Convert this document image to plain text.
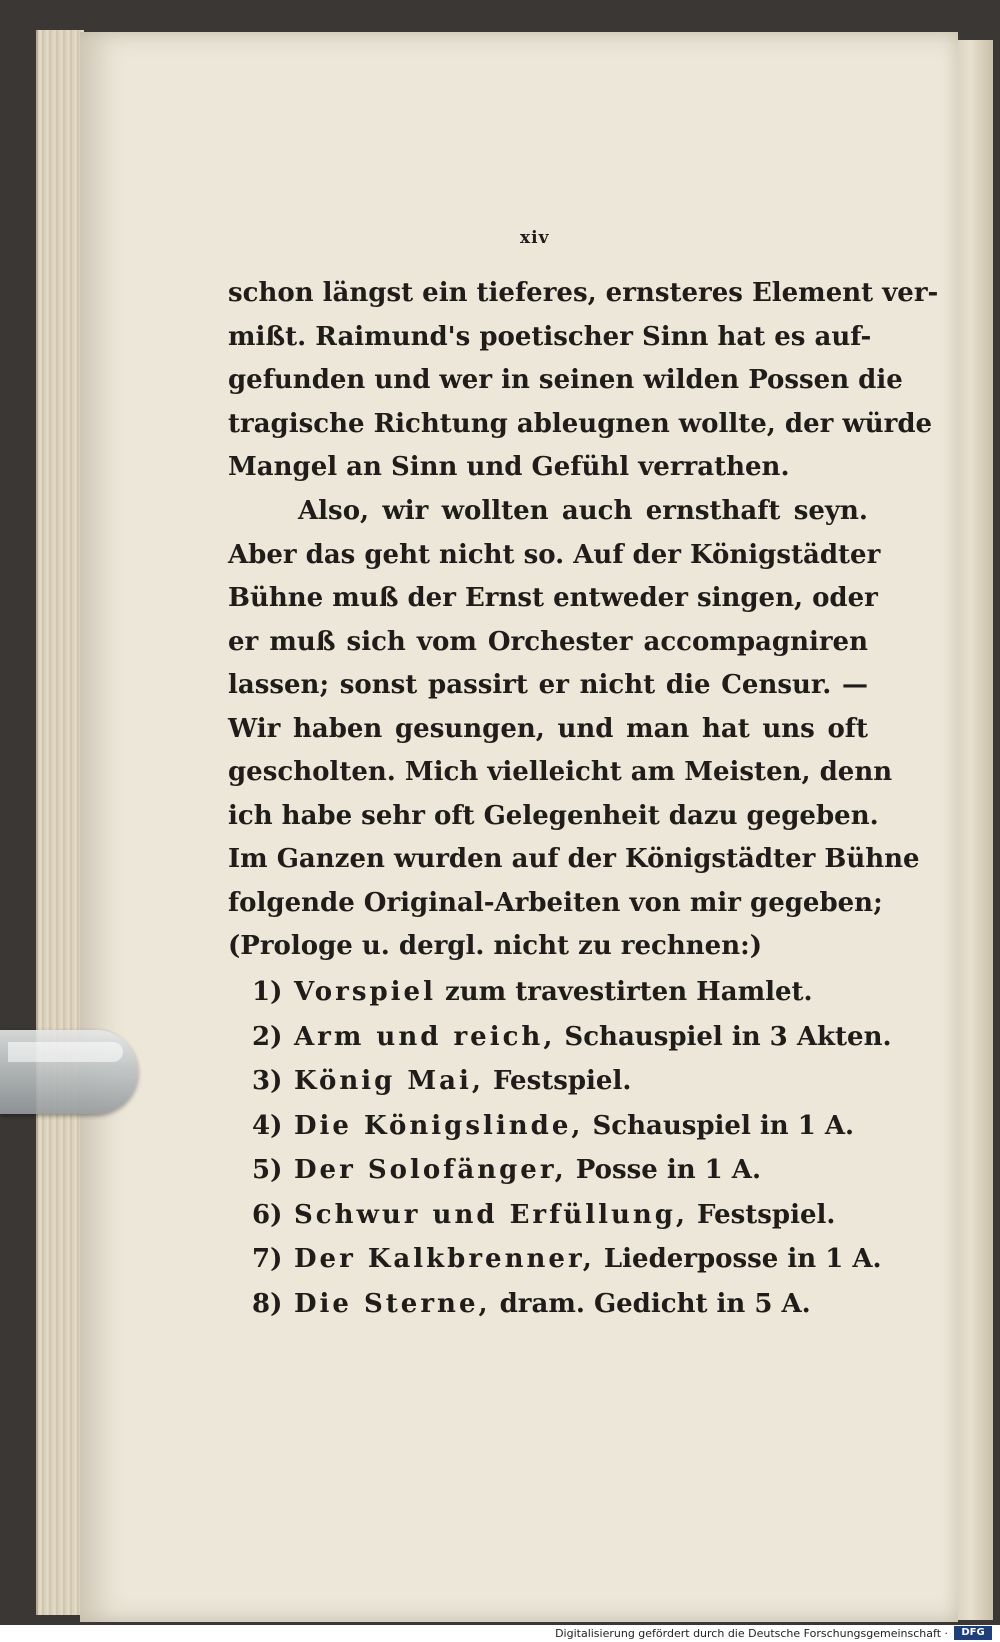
xiv
schon längst ein tieferes, ernsteres Element ver-
mißt. Raimund's poetischer Sinn hat es auf-
gefunden und wer in seinen wilden Possen die
tragische Richtung ableugnen wollte, der würde
Mangel an Sinn und Gefühl verrathen.
Also, wir wollten auch ernsthaft seyn.
Aber das geht nicht so. Auf der Königstädter
Bühne muß der Ernst entweder singen, oder
er muß sich vom Orchester accompagniren
lassen; sonst passirt er nicht die Censur. —
Wir haben gesungen, und man hat uns oft
gescholten. Mich vielleicht am Meisten, denn
ich habe sehr oft Gelegenheit dazu gegeben.
Im Ganzen wurden auf der Königstädter Bühne
folgende Original-Arbeiten von mir gegeben;
(Prologe u. dergl. nicht zu rechnen:)
1) Vorspiel zum travestirten Hamlet.
2) Arm und reich, Schauspiel in 3 Akten.
3) König Mai, Festspiel.
4) Die Königslinde, Schauspiel in 1 A.
5) Der Solofänger, Posse in 1 A.
6) Schwur und Erfüllung, Festspiel.
7) Der Kalkbrenner, Liederposse in 1 A.
8) Die Sterne, dram. Gedicht in 5 A.
Digitalisierung gefördert durch die Deutsche Forschungsgemeinschaft ·	DFG
